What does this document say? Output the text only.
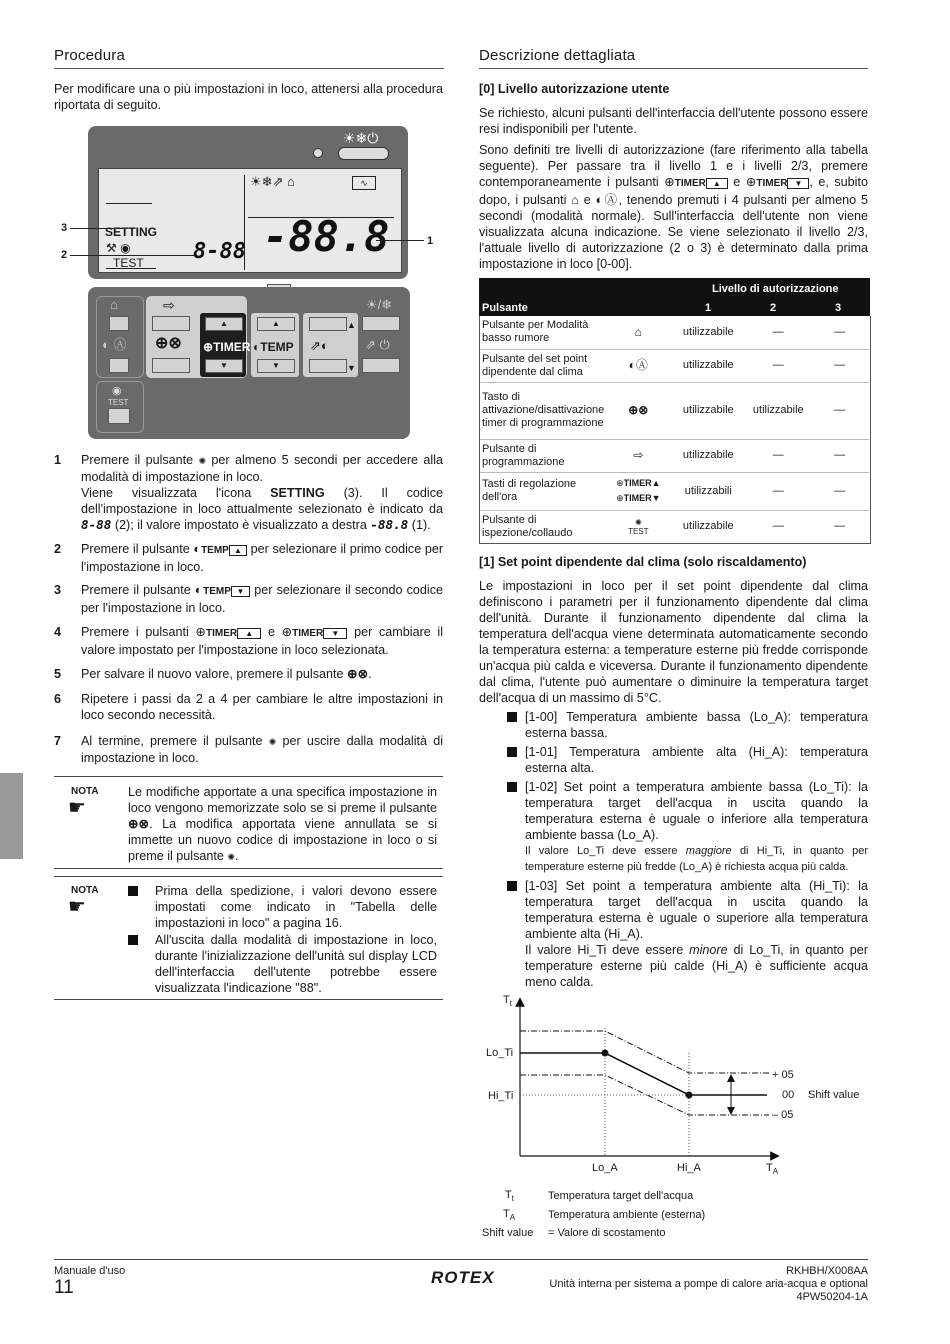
Procedura
Per modificare una o più impostazioni in loco, attenersi alla procedura riportata di seguito.
☀❄⏻
☀❄⇗ ⌂	∿
SETTING
⚒ ◉
TEST 8-88 -88.8	1
3
2
⌂
◐ Ⓐ
◉
TEST
⇨
⊕⊗
▲
⊕TIMER
▼
▲
◐TEMP
▼
▲
⇗◐
▼
☀/❄
⇗ ⏻
1 Premere il pulsante ✺ per almeno 5 secondi per accedere alla modalità di impostazione in loco.
Viene visualizzata l'icona SETTING (3). Il codice dell'impostazione in loco attualmente selezionato è indicato da 8-88 (2); il valore impostato è visualizzato a destra -88.8 (1).
2 Premere il pulsante ◐TEMP ▲ per selezionare il primo codice per l'impostazione in loco.
3 Premere il pulsante ◐TEMP ▼ per selezionare il secondo codice per l'impostazione in loco.
4 Premere i pulsanti ⊕TIMER ▲ e ⊕TIMER ▼ per cambiare il valore impostato per l'impostazione in loco selezionata.
5 Per salvare il nuovo valore, premere il pulsante ⊕⊗.
6 Ripetere i passi da 2 a 4 per cambiare le altre impostazioni in loco secondo necessità.
7 Al termine, premere il pulsante ✺ per uscire dalla modalità di impostazione in loco.
NOTA
☛
Le modifiche apportate a una specifica impostazione in loco vengono memorizzate solo se si preme il pulsante ⊕⊗. La modifica apportata viene annullata se si immette un nuovo codice di impostazione in loco o si preme il pulsante ✺.
NOTA
☛
Prima della spedizione, i valori devono essere impostati come indicato in "Tabella delle impostazioni in loco" a pagina 16.
All'uscita dalla modalità di impostazione in loco, durante l'inizializzazione dell'unità sul display LCD dell'interfaccia dell'utente potrebbe essere visualizzata l'indicazione "88".
Descrizione dettagliata
[0] Livello autorizzazione utente
Se richiesto, alcuni pulsanti dell'interfaccia dell'utente possono essere resi indisponibili per l'utente.
Sono definiti tre livelli di autorizzazione (fare riferimento alla tabella seguente). Per passare tra il livello 1 e i livelli 2/3, premere contemporaneamente i pulsanti ⊕TIMER ▲ e ⊕TIMER ▼ , e, subito dopo, i pulsanti ⌂ e ◐Ⓐ, tenendo premuti i 4 pulsanti per almeno 5 secondi (modalità normale). Sull'interfaccia dell'utente non viene visualizzata alcuna indicazione. Se viene selezionato il livello 2/3, l'attuale livello di autorizzazione (2 o 3) è determinato dalla prima impostazione in loco [0-00].
Livello di autorizzazione
Pulsante	1	2	3
Pulsante per Modalità basso rumore	⌂	utilizzabile	—	—
Pulsante del set point dipendente dal clima	◐Ⓐ	utilizzabile	—	—
Tasto di attivazione/disattivazione timer di programmazione	⊕⊗	utilizzabile	utilizzabile	—
Pulsante di programmazione	⇨	utilizzabile	—	—
Tasti di regolazione dell'ora	⊕TIMER▲
⊕TIMER▼	utilizzabili	—	—
Pulsante di ispezione/collaudo	✺
TEST	utilizzabile	—	—
[1] Set point dipendente dal clima (solo riscaldamento)
Le impostazioni in loco per il set point dipendente dal clima definiscono i parametri per il funzionamento dipendente dal clima dell'unità. Durante il funzionamento dipendente dal clima la temperatura dell'acqua viene determinata automaticamente secondo la temperatura esterna: a temperature esterne più fredde corrisponde un'acqua più calda e viceversa. Durante il funzionamento dipendente dal clima, l'utente può aumentare o diminuire la temperatura target dell'acqua di un massimo di 5°C.
[1-00] Temperatura ambiente bassa (Lo_A): temperatura esterna bassa.
[1-01] Temperatura ambiente alta (Hi_A): temperatura esterna alta.
[1-02] Set point a temperatura ambiente bassa (Lo_Ti): la temperatura target dell'acqua in uscita quando la temperatura esterna è uguale o inferiore alla temperatura ambiente bassa (Lo_A).
Il valore Lo_Ti deve essere maggiore di Hi_Ti, in quanto per temperature esterne più fredde (Lo_A) è richiesta acqua più calda.
[1-03] Set point a temperatura ambiente alta (Hi_Ti): la temperatura target dell'acqua in uscita quando la temperatura esterna è uguale o superiore alla temperatura ambiente alta (Hi_A).
Il valore Hi_Ti deve essere minore di Lo_Ti, in quanto per temperature esterne più calde (Hi_A) è sufficiente acqua meno calda.
$T_t$
Lo_Ti
Hi_Ti
Lo_A	Hi_A	$T_A$
+ 05
00
– 05
Shift value
$T_t$	Temperatura target dell'acqua
$T_A$	Temperatura ambiente (esterna)
Shift value = Valore di scostamento
Manuale d'uso
11	ROTEX	RKHBH/X008AA
Unità interna per sistema a pompe di calore aria-acqua e optional
4PW50204-1A
